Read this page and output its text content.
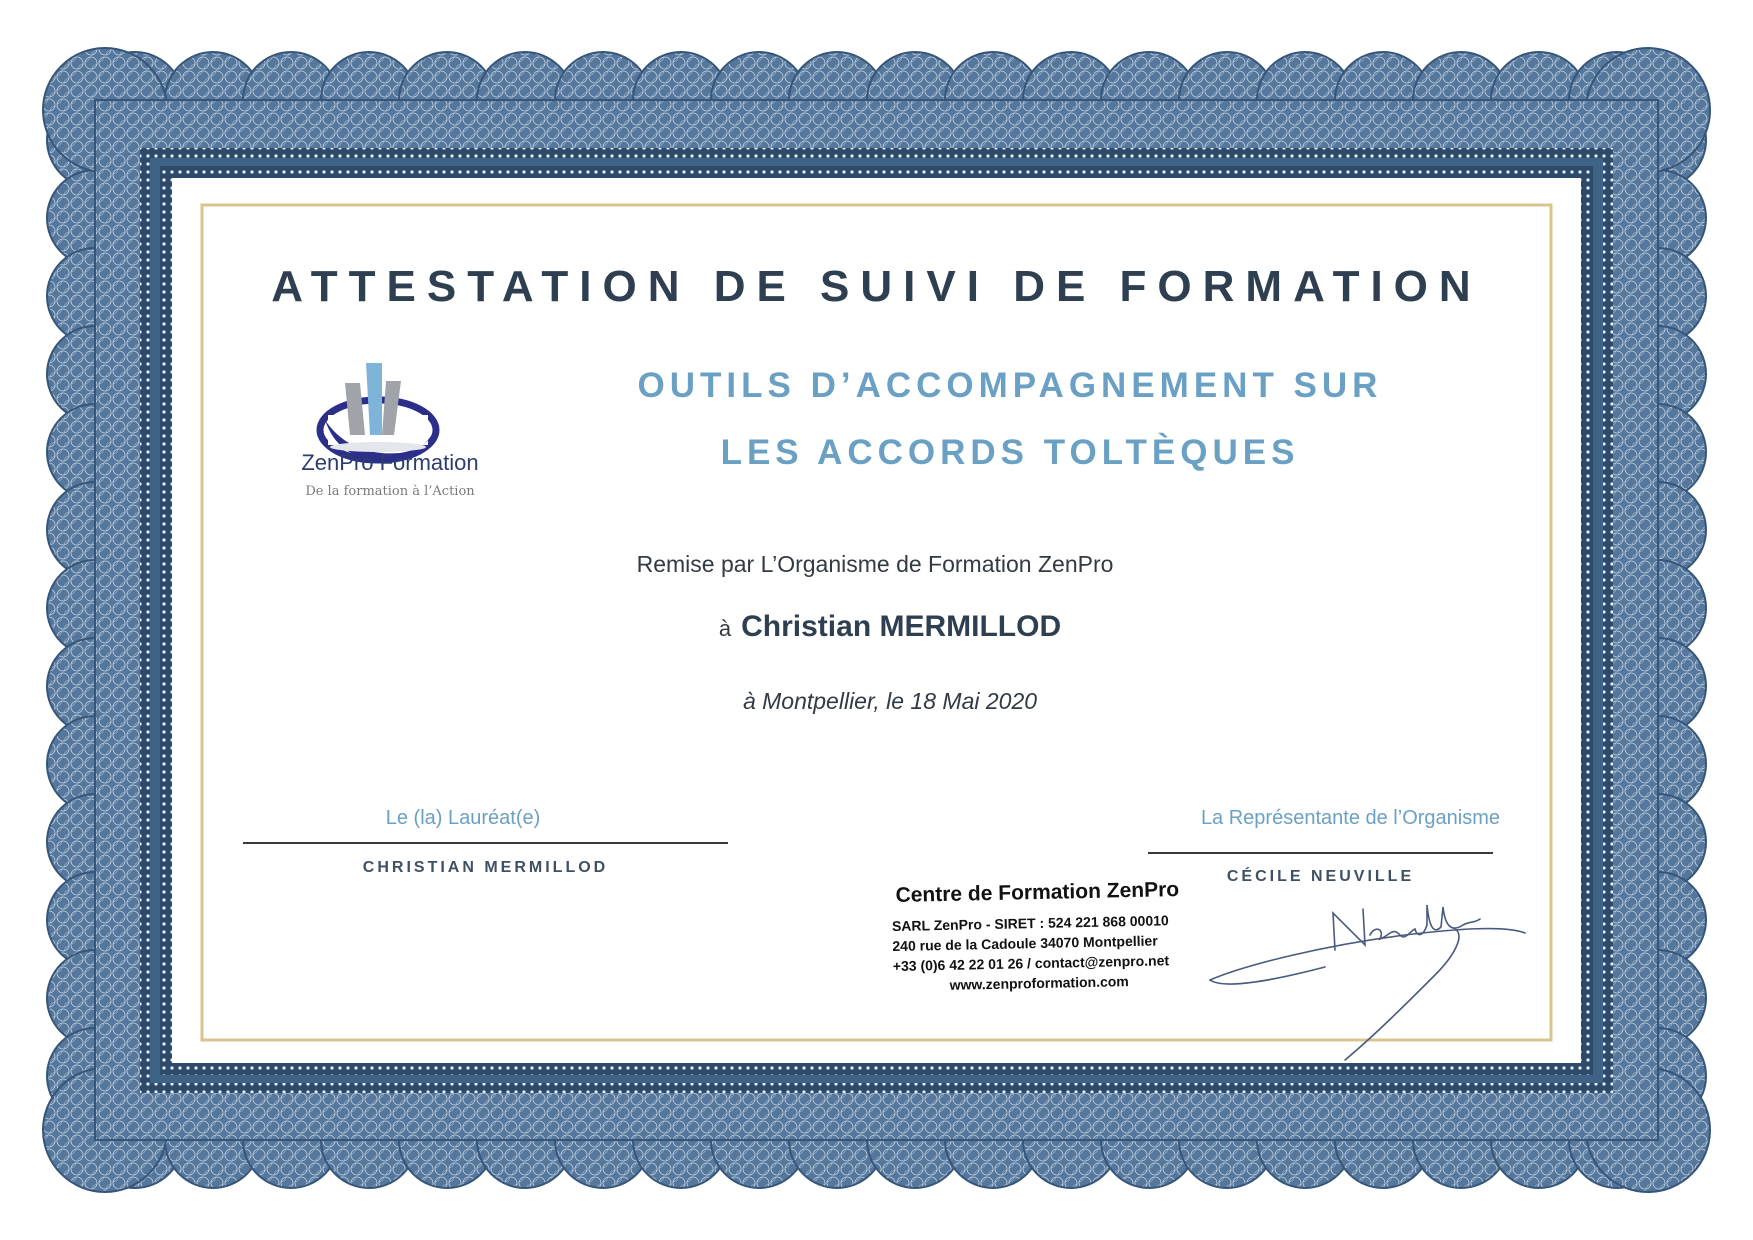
ATTESTATION DE SUIVI DE FORMATION
ZenPro Formation
De la formation à l’Action
OUTILS D’ACCOMPAGNEMENT SUR
LES ACCORDS TOLTÈQUES
Remise par L’Organisme de Formation ZenPro
à Christian MERMILLOD
à Montpellier, le 18 Mai 2020
Le (la) Lauréat(e)
CHRISTIAN MERMILLOD
La Représentante de l’Organisme
CÉCILE NEUVILLE
Centre de Formation ZenPro
SARL ZenPro - SIRET : 524 221 868 00010
240 rue de la Cadoule 34070 Montpellier
+33 (0)6 42 22 01 26 / contact@zenpro.net
www.zenproformation.com
